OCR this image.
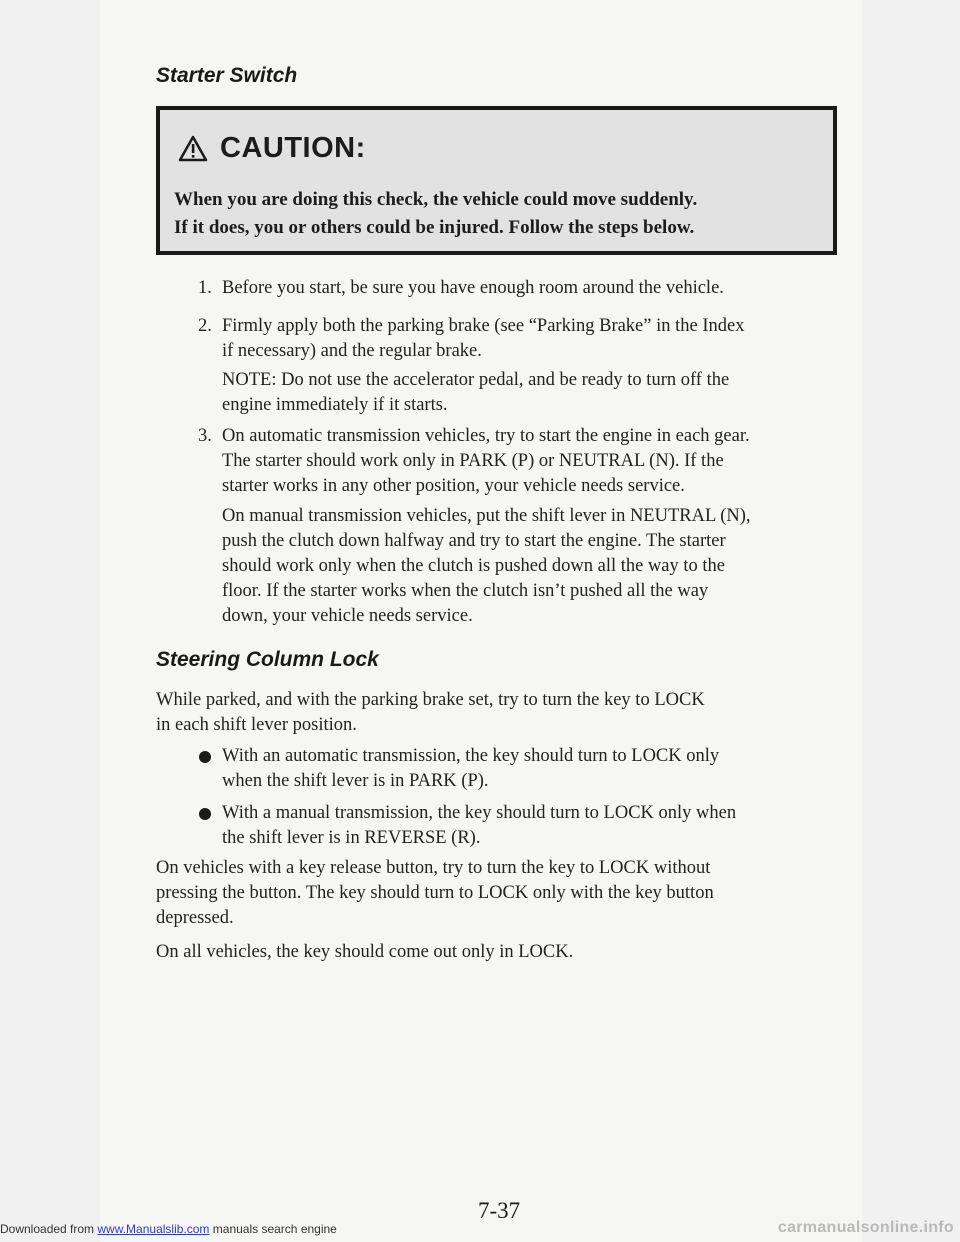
Starter Switch
CAUTION:
When you are doing this check, the vehicle could move suddenly.
If it does, you or others could be injured. Follow the steps below.
1. Before you start, be sure you have enough room around the vehicle.
2. Firmly apply both the parking brake (see “Parking Brake” in the Index
if necessary) and the regular brake.
NOTE: Do not use the accelerator pedal, and be ready to turn off the
engine immediately if it starts.
3. On automatic transmission vehicles, try to start the engine in each gear.
The starter should work only in PARK (P) or NEUTRAL (N). If the
starter works in any other position, your vehicle needs service.
On manual transmission vehicles, put the shift lever in NEUTRAL (N),
push the clutch down halfway and try to start the engine. The starter
should work only when the clutch is pushed down all the way to the
floor. If the starter works when the clutch isn’t pushed all the way
down, your vehicle needs service.
Steering Column Lock
While parked, and with the parking brake set, try to turn the key to LOCK
in each shift lever position.
With an automatic transmission, the key should turn to LOCK only
when the shift lever is in PARK (P).
With a manual transmission, the key should turn to LOCK only when
the shift lever is in REVERSE (R).
On vehicles with a key release button, try to turn the key to LOCK without
pressing the button. The key should turn to LOCK only with the key button
depressed.
On all vehicles, the key should come out only in LOCK.
7-37
Downloaded from www.Manualslib.com manuals search engine	carmanualsonline.info
